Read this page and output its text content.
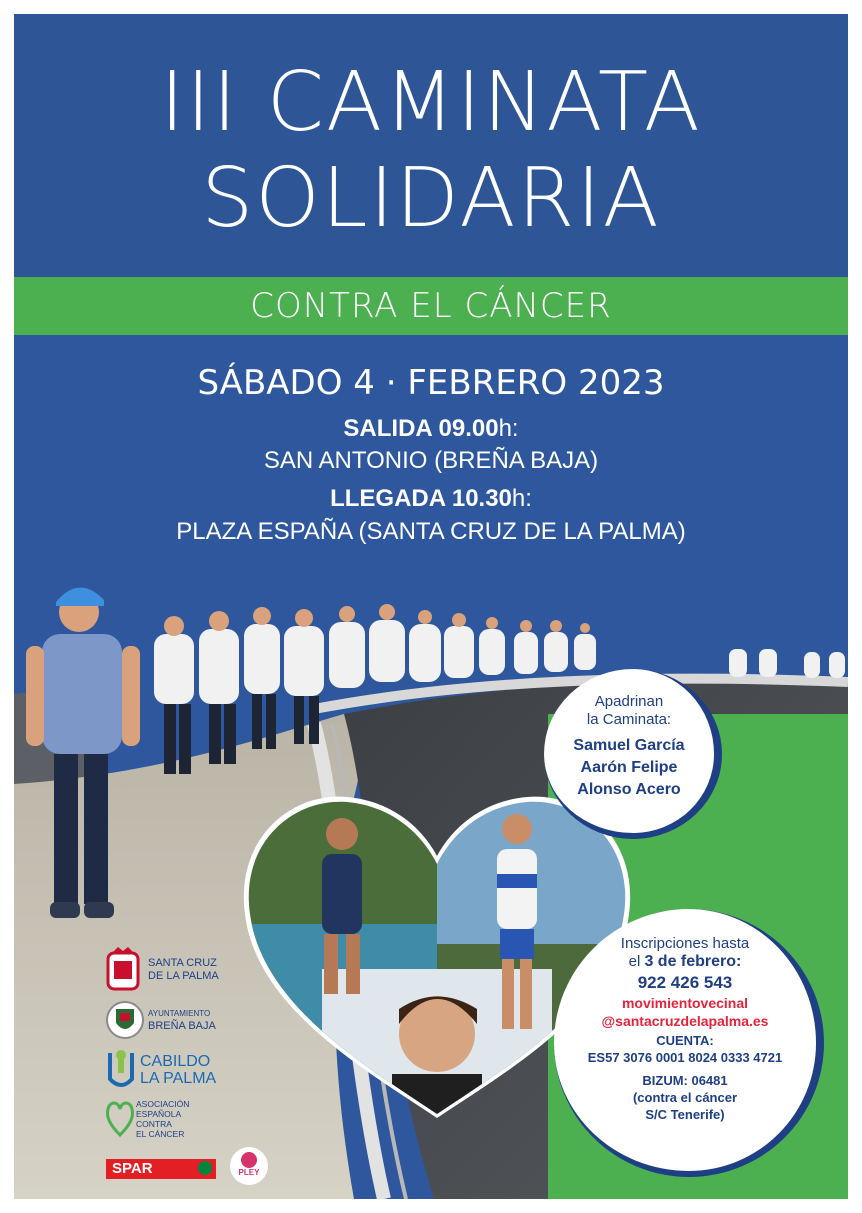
III CAMINATA
SOLIDARIA
CONTRA EL CÁNCER
SÁBADO 4 · FEBRERO 2023
SALIDA 09.00h:
SAN ANTONIO (BREÑA BAJA)
LLEGADA 10.30h:
PLAZA ESPAÑA (SANTA CRUZ DE LA PALMA)
Apadrinan
la Caminata:
Samuel García
Aarón Felipe
Alonso Acero
Inscripciones hasta
el 3 de febrero:
922 426 543
movimientovecinal
@santacruzdelapalma.es
CUENTA:
ES57 3076 0001 8024 0333 4721
BIZUM: 06481
(contra el cáncer
S/C Tenerife)
SANTA CRUZ
DE LA PALMA
AYUNTAMIENTO
BREÑA BAJA
CABILDO
LA PALMA
ASOCIACIÓN
ESPAÑOLA
CONTRA
EL CÁNCER
SPAR	PLEY
